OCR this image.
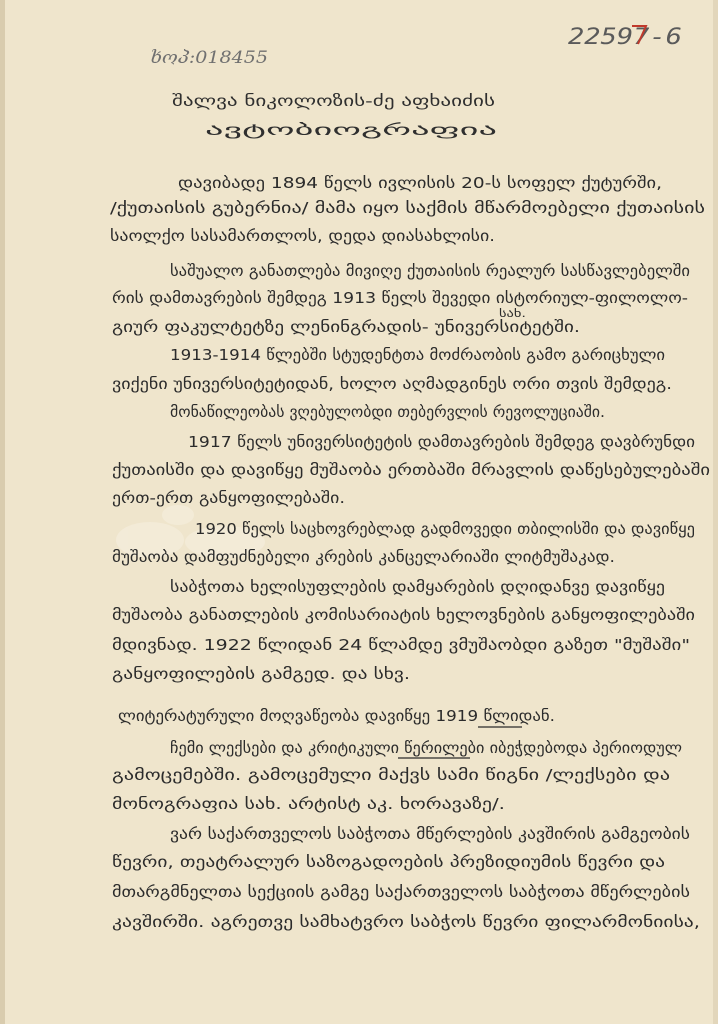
22597-6
ხოპ:018455
შალვა ნიკოლოზის-ძე აფხაიძის
ავტობიოგრაფია
დავიბადე 1894 წელს ივლისის 20-ს სოფელ ქუტურში,
/ქუთაისის გუბერნია/ მამა იყო საქმის მწარმოებელი ქუთაისის
საოლქო სასამართლოს, დედა დიასახლისი.
საშუალო განათლება მივიღე ქუთაისის რეალურ სასწავლებელში
რის დამთავრების შემდეგ 1913 წელს შევედი ისტორიულ-ფილოლო-
სახ.
გიურ ფაკულტეტზე ლენინგრადის- უნივერსიტეტში.
1913-1914 წლებში სტუდენტთა მოძრაობის გამო გარიცხული
ვიქენი უნივერსიტეტიდან, ხოლო აღმადგინეს ორი თვის შემდეგ.
მონაწილეობას ვღებულობდი თებერვლის რევოლუციაში.
1917 წელს უნივერსიტეტის დამთავრების შემდეგ დავბრუნდი
ქუთაისში და დავიწყე მუშაობა ერთბაში მრავლის დაწესებულებაში
ერთ-ერთ განყოფილებაში.
1920 წელს საცხოვრებლად გადმოვედი თბილისში და დავიწყე
მუშაობა დამფუძნებელი კრების კანცელარიაში ლიტმუშაკად.
საბჭოთა ხელისუფლების დამყარების დღიდანვე დავიწყე
მუშაობა განათლების კომისარიატის ხელოვნების განყოფილებაში
მდივნად. 1922 წლიდან 24 წლამდე ვმუშაობდი გაზეთ "მუშაში"
განყოფილების გამგედ. და სხვ.
ლიტერატურული მოღვაწეობა დავიწყე 1919 წლიდან.
ჩემი ლექსები და კრიტიკული წერილები იბეჭდებოდა პერიოდულ
გამოცემებში. გამოცემული მაქვს სამი წიგნი /ლექსები და
მონოგრაფია სახ. არტისტ აკ. ხორავაზე/.
ვარ საქართველოს საბჭოთა მწერლების კავშირის გამგეობის
წევრი, თეატრალურ საზოგადოების პრეზიდიუმის წევრი და
მთარგმნელთა სექციის გამგე საქართველოს საბჭოთა მწერლების
კავშირში. აგრეთვე სამხატვრო საბჭოს წევრი ფილარმონიისა,
